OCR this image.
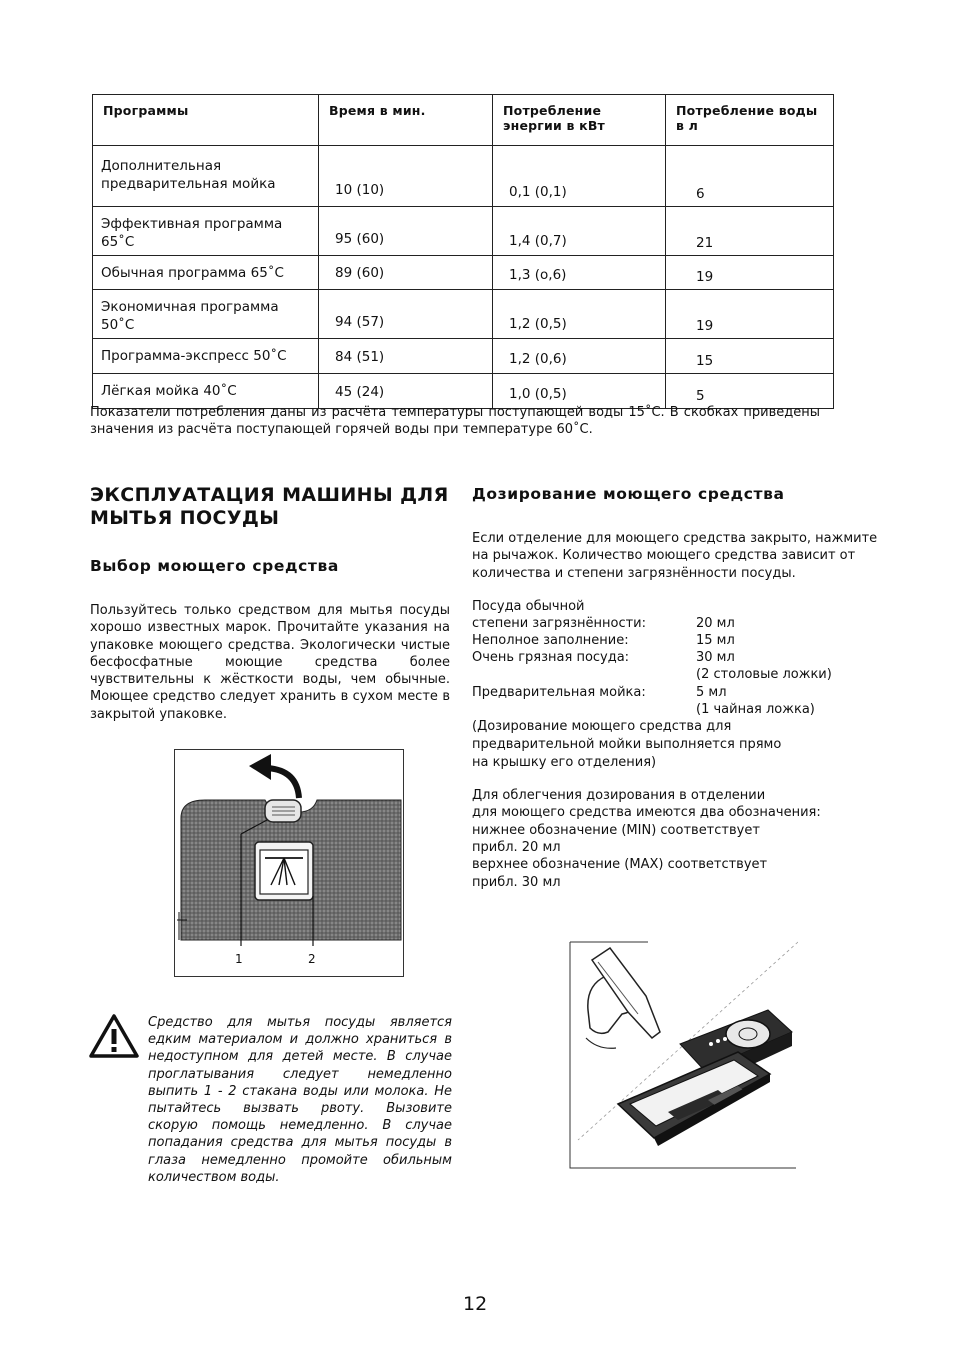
Программы	Время в мин.	Потребление энергии в кВт	Потребление воды в л
Дополнительная предварительная мойка	10 (10)	0,1 (0,1)	6

Эффективная программа 65˚С	95 (60)	1,4 (0,7)	21

Обычная программа 65˚С	89 (60)	1,3 (o,6)	19

Экономичная программа 50˚С	94 (57)	1,2 (0,5)	19

Программа-экспресс 50˚С	84 (51)	1,2 (0,6)	15

Лёгкая мойка 40˚С	45 (24)	1,0 (0,5)	5
Показатели потребления даны из расчёта температуры поступающей воды 15˚С. В скобках приведены значения из расчёта поступающей горячей воды при температуре 60˚С.
ЭКСПЛУАТАЦИЯ МАШИНЫ ДЛЯ МЫТЬЯ ПОСУДЫ
Выбор моющего средства
Пользуйтесь только средством для мытья посуды хорошо известных марок. Прочитайте указания на упаковке моющего средства. Экологически чистые бесфосфатные моющие средства более чувствительны к жёсткости воды, чем обычные. Моющее средство следует хранить в сухом месте в закрытой упаковке.
1	2
Средство для мытья посуды является едким материалом и должно храниться в недоступном для детей месте. В случае проглатывания следует немедленно выпить 1 - 2 стакана воды или молока. Не пытайтесь вызвать рвоту. Вызовите скорую помощь немедленно. В случае попадания средства для мытья посуды в глаза немедленно промойте обильным количеством воды.
Дозирование моющего средства
Если отделение для моющего средства закрыто, нажмите на рычажок. Количество моющего средства зависит от количества и степени загрязнённости посуды.
Посуда обычной
степени загрязнённости:	20 мл
Неполное заполнение:	15 мл
Очень грязная посуда:	30 мл
(2 столовые ложки)
Предварительная мойка:	5 мл
(1 чайная ложка)
(Дозирование моющего средства для
предварительной мойки выполняется прямо
на крышку его отделения)
Для облегчения дозирования в отделении
для моющего средства имеются два обозначения:
нижнее обозначение (MIN) соответствует
прибл. 20 мл
верхнее обозначение (MAX) соответствует
прибл. 30 мл
12
